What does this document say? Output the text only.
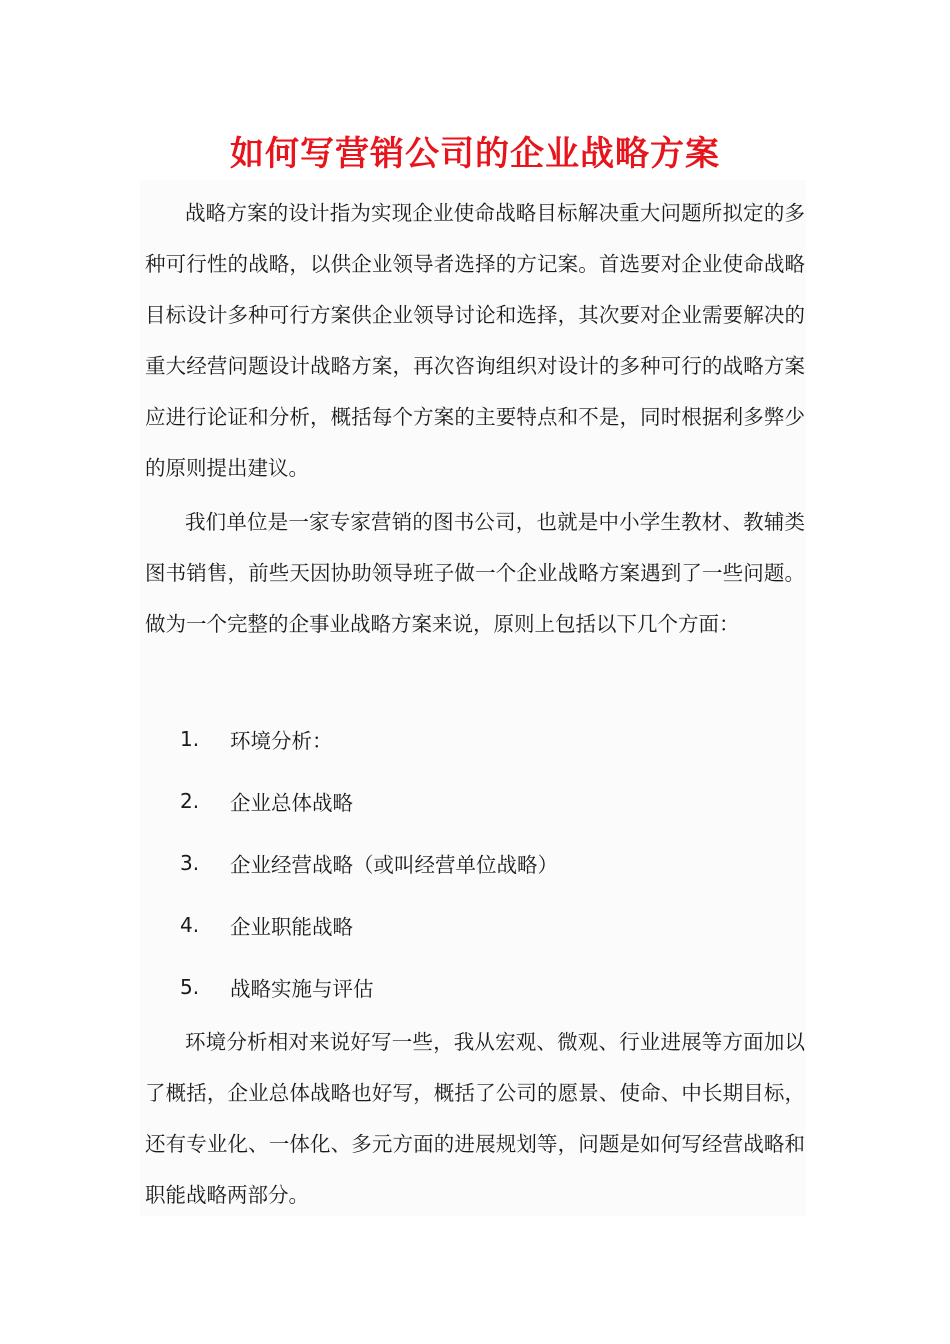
如何写营销公司的企业战略方案

战略方案的设计指为实现企业使命战略目标解决重大问题所拟定的多种可行性的战略，以供企业领导者选择的方记案。首选要对企业使命战略目标设计多种可行方案供企业领导讨论和选择，其次要对企业需要解决的重大经营问题设计战略方案，再次咨询组织对设计的多种可行的战略方案应进行论证和分析，概括每个方案的主要特点和不是，同时根据利多弊少的原则提出建议。

我们单位是一家专家营销的图书公司，也就是中小学生教材、教辅类图书销售，前些天因协助领导班子做一个企业战略方案遇到了一些问题。 做为一个完整的企事业战略方案来说，原则上包括以下几个方面：

1.	环境分析：
2.	企业总体战略
3.	企业经营战略（或叫经营单位战略）
4.	企业职能战略
5.	战略实施与评估

环境分析相对来说好写一些，我从宏观、微观、行业进展等方面加以了概括，企业总体战略也好写，概括了公司的愿景、使命、中长期目标，还有专业化、一体化、多元方面的进展规划等，问题是如何写经营战略和职能战略两部分。
